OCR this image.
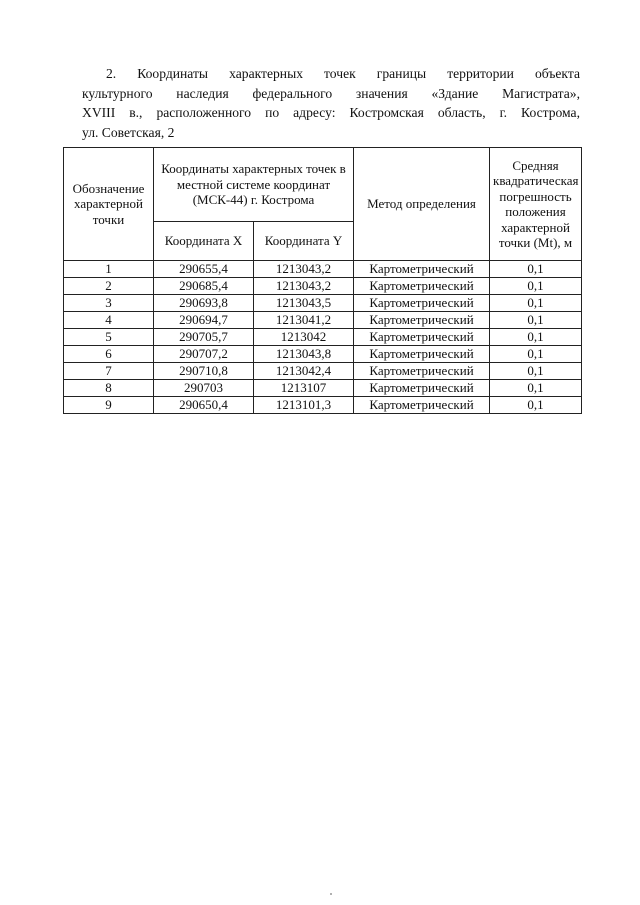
2. Координаты характерных точек границы территории объекта
культурного наследия федерального значения «Здание Магистрата»,
XVIII в., расположенного по адресу: Костромская область, г. Кострома,
ул. Советская, 2
Обозначение характерной точки	Координаты характерных точек в местной системе координат (МСК-44) г. Кострома		Метод определения	Средняя квадратическая погрешность положения характерной точки (Mt), м
	Координата X	Координата Y		
1	290655,4	1213043,2	Картометрический	0,1
2	290685,4	1213043,2	Картометрический	0,1
3	290693,8	1213043,5	Картометрический	0,1
4	290694,7	1213041,2	Картометрический	0,1
5	290705,7	1213042	Картометрический	0,1
6	290707,2	1213043,8	Картометрический	0,1
7	290710,8	1213042,4	Картометрический	0,1
8	290703	1213107	Картометрический	0,1
9	290650,4	1213101,3	Картометрический	0,1
